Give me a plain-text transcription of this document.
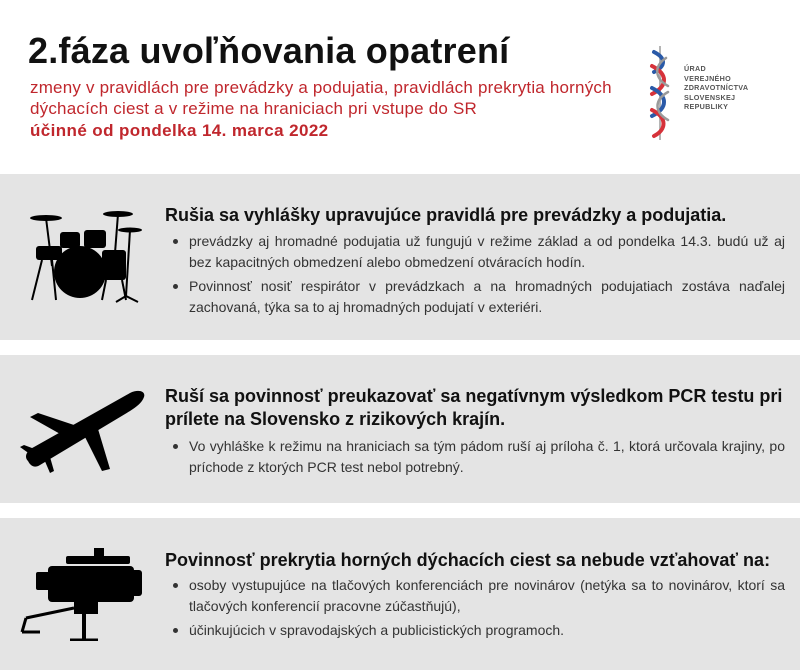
2.fáza uvoľňovania opatrení
zmeny v pravidlách pre prevádzky a podujatia, pravidlách prekrytia horných dýchacích ciest a v režime na hraniciach pri vstupe do SR
účinné od pondelka 14. marca 2022
ÚRAD
VEREJNÉHO
ZDRAVOTNÍCTVA
SLOVENSKEJ
REPUBLIKY
Rušia sa vyhlášky upravujúce pravidlá pre prevádzky a podujatia.
prevádzky aj hromadné podujatia už fungujú v režime základ a od pondelka 14.3. budú už aj bez kapacitných obmedzení alebo obmedzení otváracích hodín.
Povinnosť nosiť respirátor v prevádzkach a na hromadných podujatiach zostáva naďalej zachovaná, týka sa to aj hromadných podujatí v exteriéri.
Ruší sa povinnosť preukazovať sa negatívnym výsledkom PCR testu pri prílete na Slovensko z rizikových krajín.
Vo vyhláške k režimu na hraniciach sa tým pádom ruší aj príloha č. 1, ktorá určovala krajiny, po príchode z ktorých PCR test nebol potrebný.
Povinnosť prekrytia horných dýchacích ciest sa nebude vzťahovať na:
osoby vystupujúce na tlačových konferenciách pre novinárov (netýka sa to novinárov, ktorí sa tlačových konferencií pracovne zúčastňujú),
účinkujúcich v spravodajských a publicistických programoch.
